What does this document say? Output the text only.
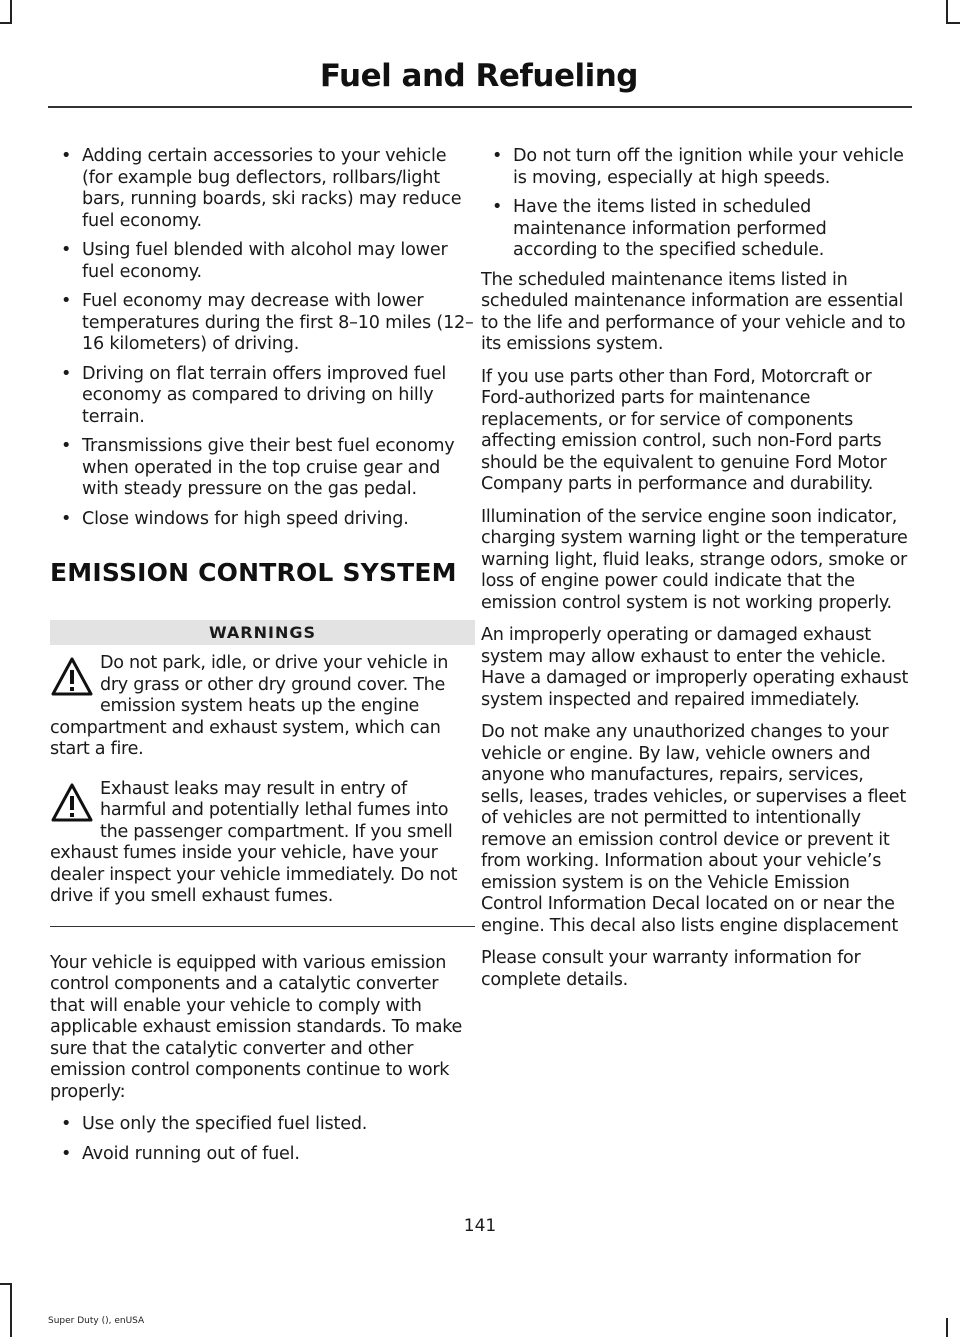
Fuel and Refueling
• Adding certain accessories to your vehicle (for example bug deflectors, rollbars/light bars, running boards, ski racks) may reduce fuel economy.
• Using fuel blended with alcohol may lower fuel economy.
• Fuel economy may decrease with lower temperatures during the first 8–10 miles (12–16 kilometers) of driving.
• Driving on flat terrain offers improved fuel economy as compared to driving on hilly terrain.
• Transmissions give their best fuel economy when operated in the top cruise gear and with steady pressure on the gas pedal.
• Close windows for high speed driving.
EMISSION CONTROL SYSTEM
WARNINGS
Do not park, idle, or drive your vehicle in dry grass or other dry ground cover. The emission system heats up the engine compartment and exhaust system, which can start a fire.
Exhaust leaks may result in entry of harmful and potentially lethal fumes into the passenger compartment. If you smell exhaust fumes inside your vehicle, have your dealer inspect your vehicle immediately. Do not drive if you smell exhaust fumes.

Your vehicle is equipped with various emission control components and a catalytic converter that will enable your vehicle to comply with applicable exhaust emission standards. To make sure that the catalytic converter and other emission control components continue to work properly:

• Use only the specified fuel listed.
• Avoid running out of fuel.
• Do not turn off the ignition while your vehicle is moving, especially at high speeds.
• Have the items listed in scheduled maintenance information performed according to the specified schedule.

The scheduled maintenance items listed in scheduled maintenance information are essential to the life and performance of your vehicle and to its emissions system.

If you use parts other than Ford, Motorcraft or Ford-authorized parts for maintenance replacements, or for service of components affecting emission control, such non-Ford parts should be the equivalent to genuine Ford Motor Company parts in performance and durability.

Illumination of the service engine soon indicator, charging system warning light or the temperature warning light, fluid leaks, strange odors, smoke or loss of engine power could indicate that the emission control system is not working properly.

An improperly operating or damaged exhaust system may allow exhaust to enter the vehicle. Have a damaged or improperly operating exhaust system inspected and repaired immediately.

Do not make any unauthorized changes to your vehicle or engine. By law, vehicle owners and anyone who manufactures, repairs, services, sells, leases, trades vehicles, or supervises a fleet of vehicles are not permitted to intentionally remove an emission control device or prevent it from working. Information about your vehicle’s emission system is on the Vehicle Emission Control Information Decal located on or near the engine. This decal also lists engine displacement

Please consult your warranty information for complete details.

141
Super Duty (), enUSA
